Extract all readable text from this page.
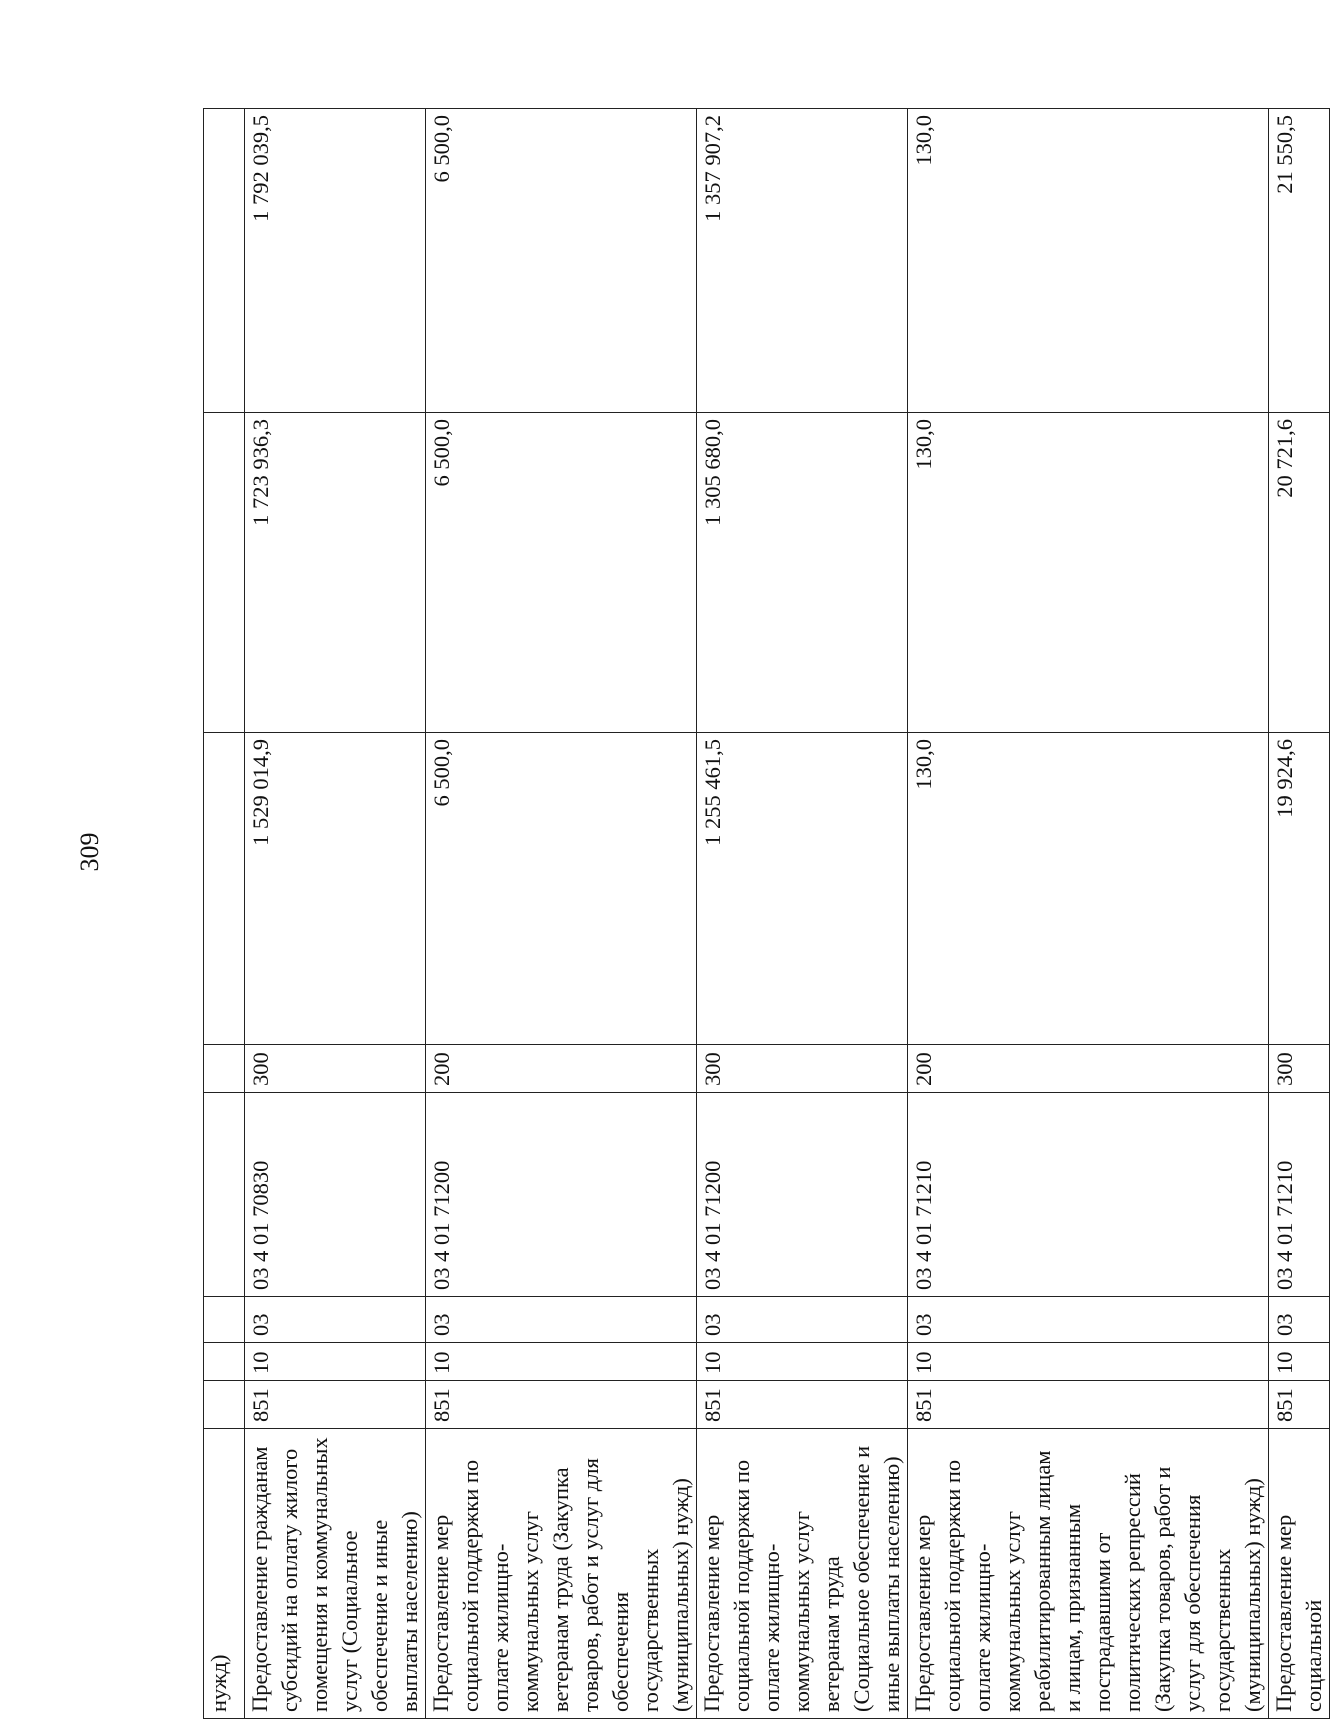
309
нужд)								
Предоставление гражданам субсидий на оплату жилого помещения и коммунальных услуг (Социальное обеспечение и иные выплаты населению)	851	10	03	03 4 01 70830	300	1 529 014,9	1 723 936,3	1 792 039,5
Предоставление мер социальной поддержки по оплате жилищно-коммунальных услуг ветеранам труда (Закупка товаров, работ и услуг для обеспечения государственных (муниципальных) нужд)	851	10	03	03 4 01 71200	200	6 500,0	6 500,0	6 500,0
Предоставление мер социальной поддержки по оплате жилищно-коммунальных услуг ветеранам труда (Социальное обеспечение и иные выплаты населению)	851	10	03	03 4 01 71200	300	1 255 461,5	1 305 680,0	1 357 907,2
Предоставление мер социальной поддержки по оплате жилищно-коммунальных услуг реабилитированным лицам и лицам, признанным пострадавшими от политических репрессий (Закупка товаров, работ и услуг для обеспечения государственных (муниципальных) нужд)	851	10	03	03 4 01 71210	200	130,0	130,0	130,0
Предоставление мер социальной	851	10	03	03 4 01 71210	300	19 924,6	20 721,6	21 550,5
